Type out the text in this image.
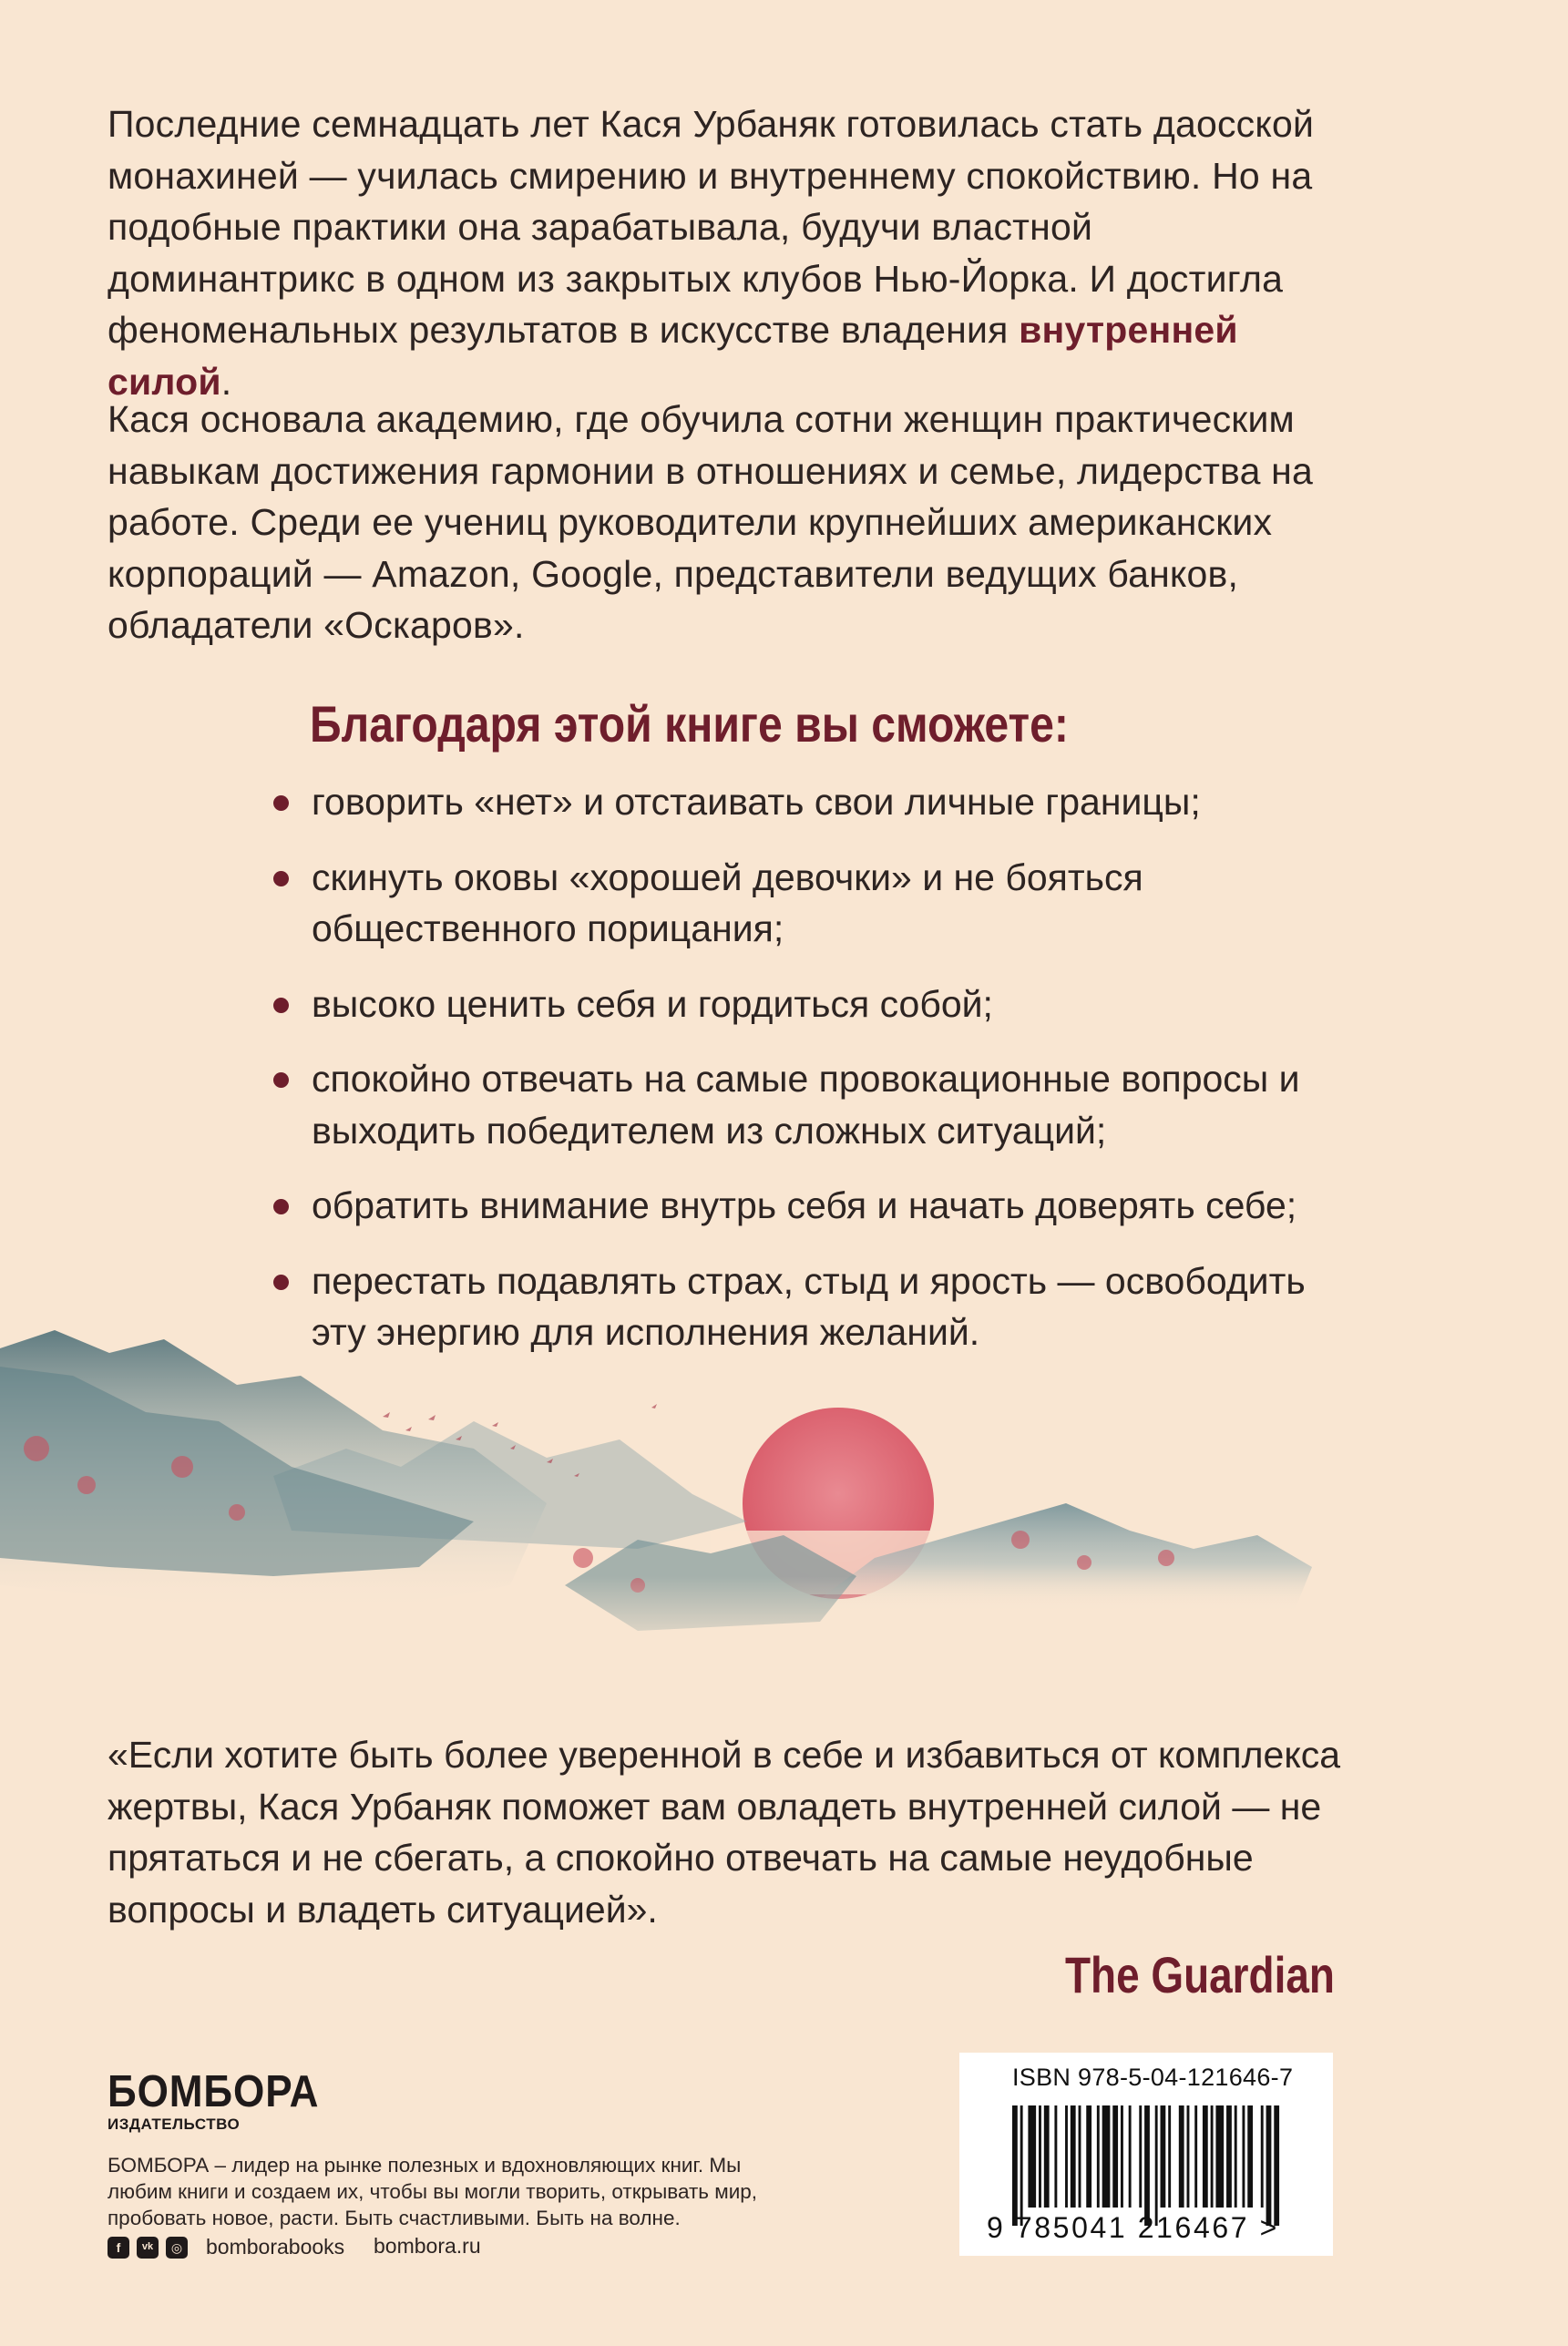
Последние семнадцать лет Кася Урбаняк готовилась стать даосской монахиней — училась смирению и внутреннему спокойствию. Но на подобные практики она зарабатывала, будучи властной доминантрикс в одном из закрытых клубов Нью-Йорка. И достигла феноменальных результатов в искусстве владения внутренней силой.

Кася основала академию, где обучила сотни женщин практическим навыкам достижения гармонии в отношениях и семье, лидерства на работе. Среди ее учениц руководители крупнейших американских корпораций — Amazon, Google, представители ведущих банков, обладатели «Оскаров».

Благодаря этой книге вы сможете:
говорить «нет» и отстаивать свои личные границы;
скинуть оковы «хорошей девочки» и не бояться общественного порицания;
высоко ценить себя и гордиться собой;
спокойно отвечать на самые провокационные вопросы и выходить победителем из сложных ситуаций;
обратить внимание внутрь себя и начать доверять себе;
перестать подавлять страх, стыд и ярость — освободить эту энергию для исполнения желаний.

«Если хотите быть более уверенной в себе и избавиться от комплекса жертвы, Кася Урбаняк поможет вам овладеть внутренней силой — не прятаться и не сбегать, а спокойно отвечать на самые неудобные вопросы и владеть ситуацией».

The Guardian

БОМБОРА

ИЗДАТЕЛЬСТВО

БОМБОРА – лидер на рынке полезных и вдохновляющих книг. Мы любим книги и создаем их, чтобы вы могли творить, открывать мир, пробовать новое, расти. Быть счастливыми. Быть на волне.

f	vk	◎ bomborabooks bombora.ru

ISBN 978-5-04-121646-7

9 785041 216467 >
